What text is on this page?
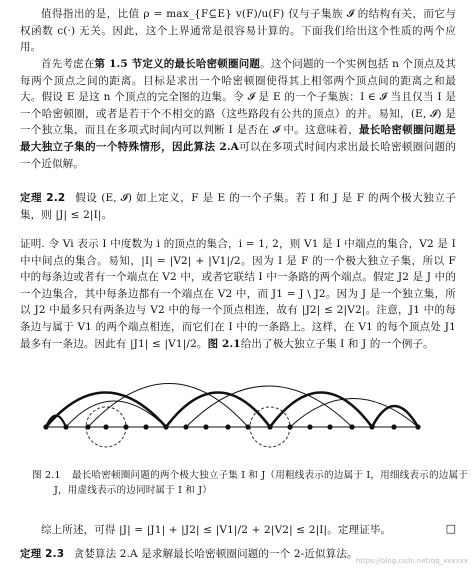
值得指出的是，比值 ρ = max_{F⊆E} v(F)/u(F) 仅与子集族 𝓘 的结构有关，而它与权函数 c(·) 无关。因此，这个上界通常是很容易计算的。下面我们给出这个性质的两个应用。

首先考虑在第 1.5 节定义的最长哈密顿圈问题。这个问题的一个实例包括 n 个顶点及其每两个顶点之间的距离。目标是求出一个哈密顿圈使得其上相邻两个顶点间的距离之和最大。假设 E 是这 n 个顶点的完全图的边集。令 𝓘 是 E 的一个子集族：I ∈ 𝓘 当且仅当 I 是一个哈密顿圈，或者是若干个不相交的路（这些路段有公共的顶点）的并。易知，(E, 𝓘) 是一个独立集，而且在多项式时间内可以判断 I 是否在 𝓘 中。这意味着，最长哈密顿圈问题是最大独立子集的一个特殊情形，因此算法 2.A可以在多项式时间内求出最长哈密顿圈问题的一个近似解。

定理 2.2 假设 (E, 𝓘) 如上定义，F 是 E 的一个子集。若 I 和 J 是 F 的两个极大独立子集，则 |J| ≤ 2|I|。

证明. 令 Vi 表示 I 中度数为 i 的顶点的集合，i = 1, 2，则 V1 是 I 中端点的集合，V2 是 I 中中间点的集合。易知，|I| = |V2| + |V1|/2。因为 I 是 F 的一个极大独立子集，所以 F 中的每条边或者有一个端点在 V2 中，或者它联结 I 中一条路的两个端点。假定 J2 是 J 中的一个边集合，其中每条边都有一个端点在 V2 中，而 J1 = J \ J2。因为 J 是一个独立集，所以 J2 中最多只有两条边与 V2 中的每一个顶点相连，故有 |J2| ≤ 2|V2|。注意，J1 中的每条边与属于 V1 的两个端点相连，而它们在 I 中的一条路上。这样，在 V1 的每个顶点处 J1 最多有一条边。因此有 |J1| ≤ |V1|/2。图 2.1给出了极大独立子集 I 和 J 的一个例子。

图 2.1 最长哈密顿圈问题的两个极大独立子集 I 和 J（用粗线表示的边属于 I，用细线表示的边属于 J，用虚线表示的边同时属于 I 和 J）

综上所述，可得 |J| = |J1| + |J2| ≤ |V1|/2 + 2|V2| ≤ 2|I|。定理证毕。	□

定理 2.3 贪婪算法 2.A 是求解最长哈密顿圈问题的一个 2-近似算法。

https://blog.csdn.net/qq_xxxxxx
